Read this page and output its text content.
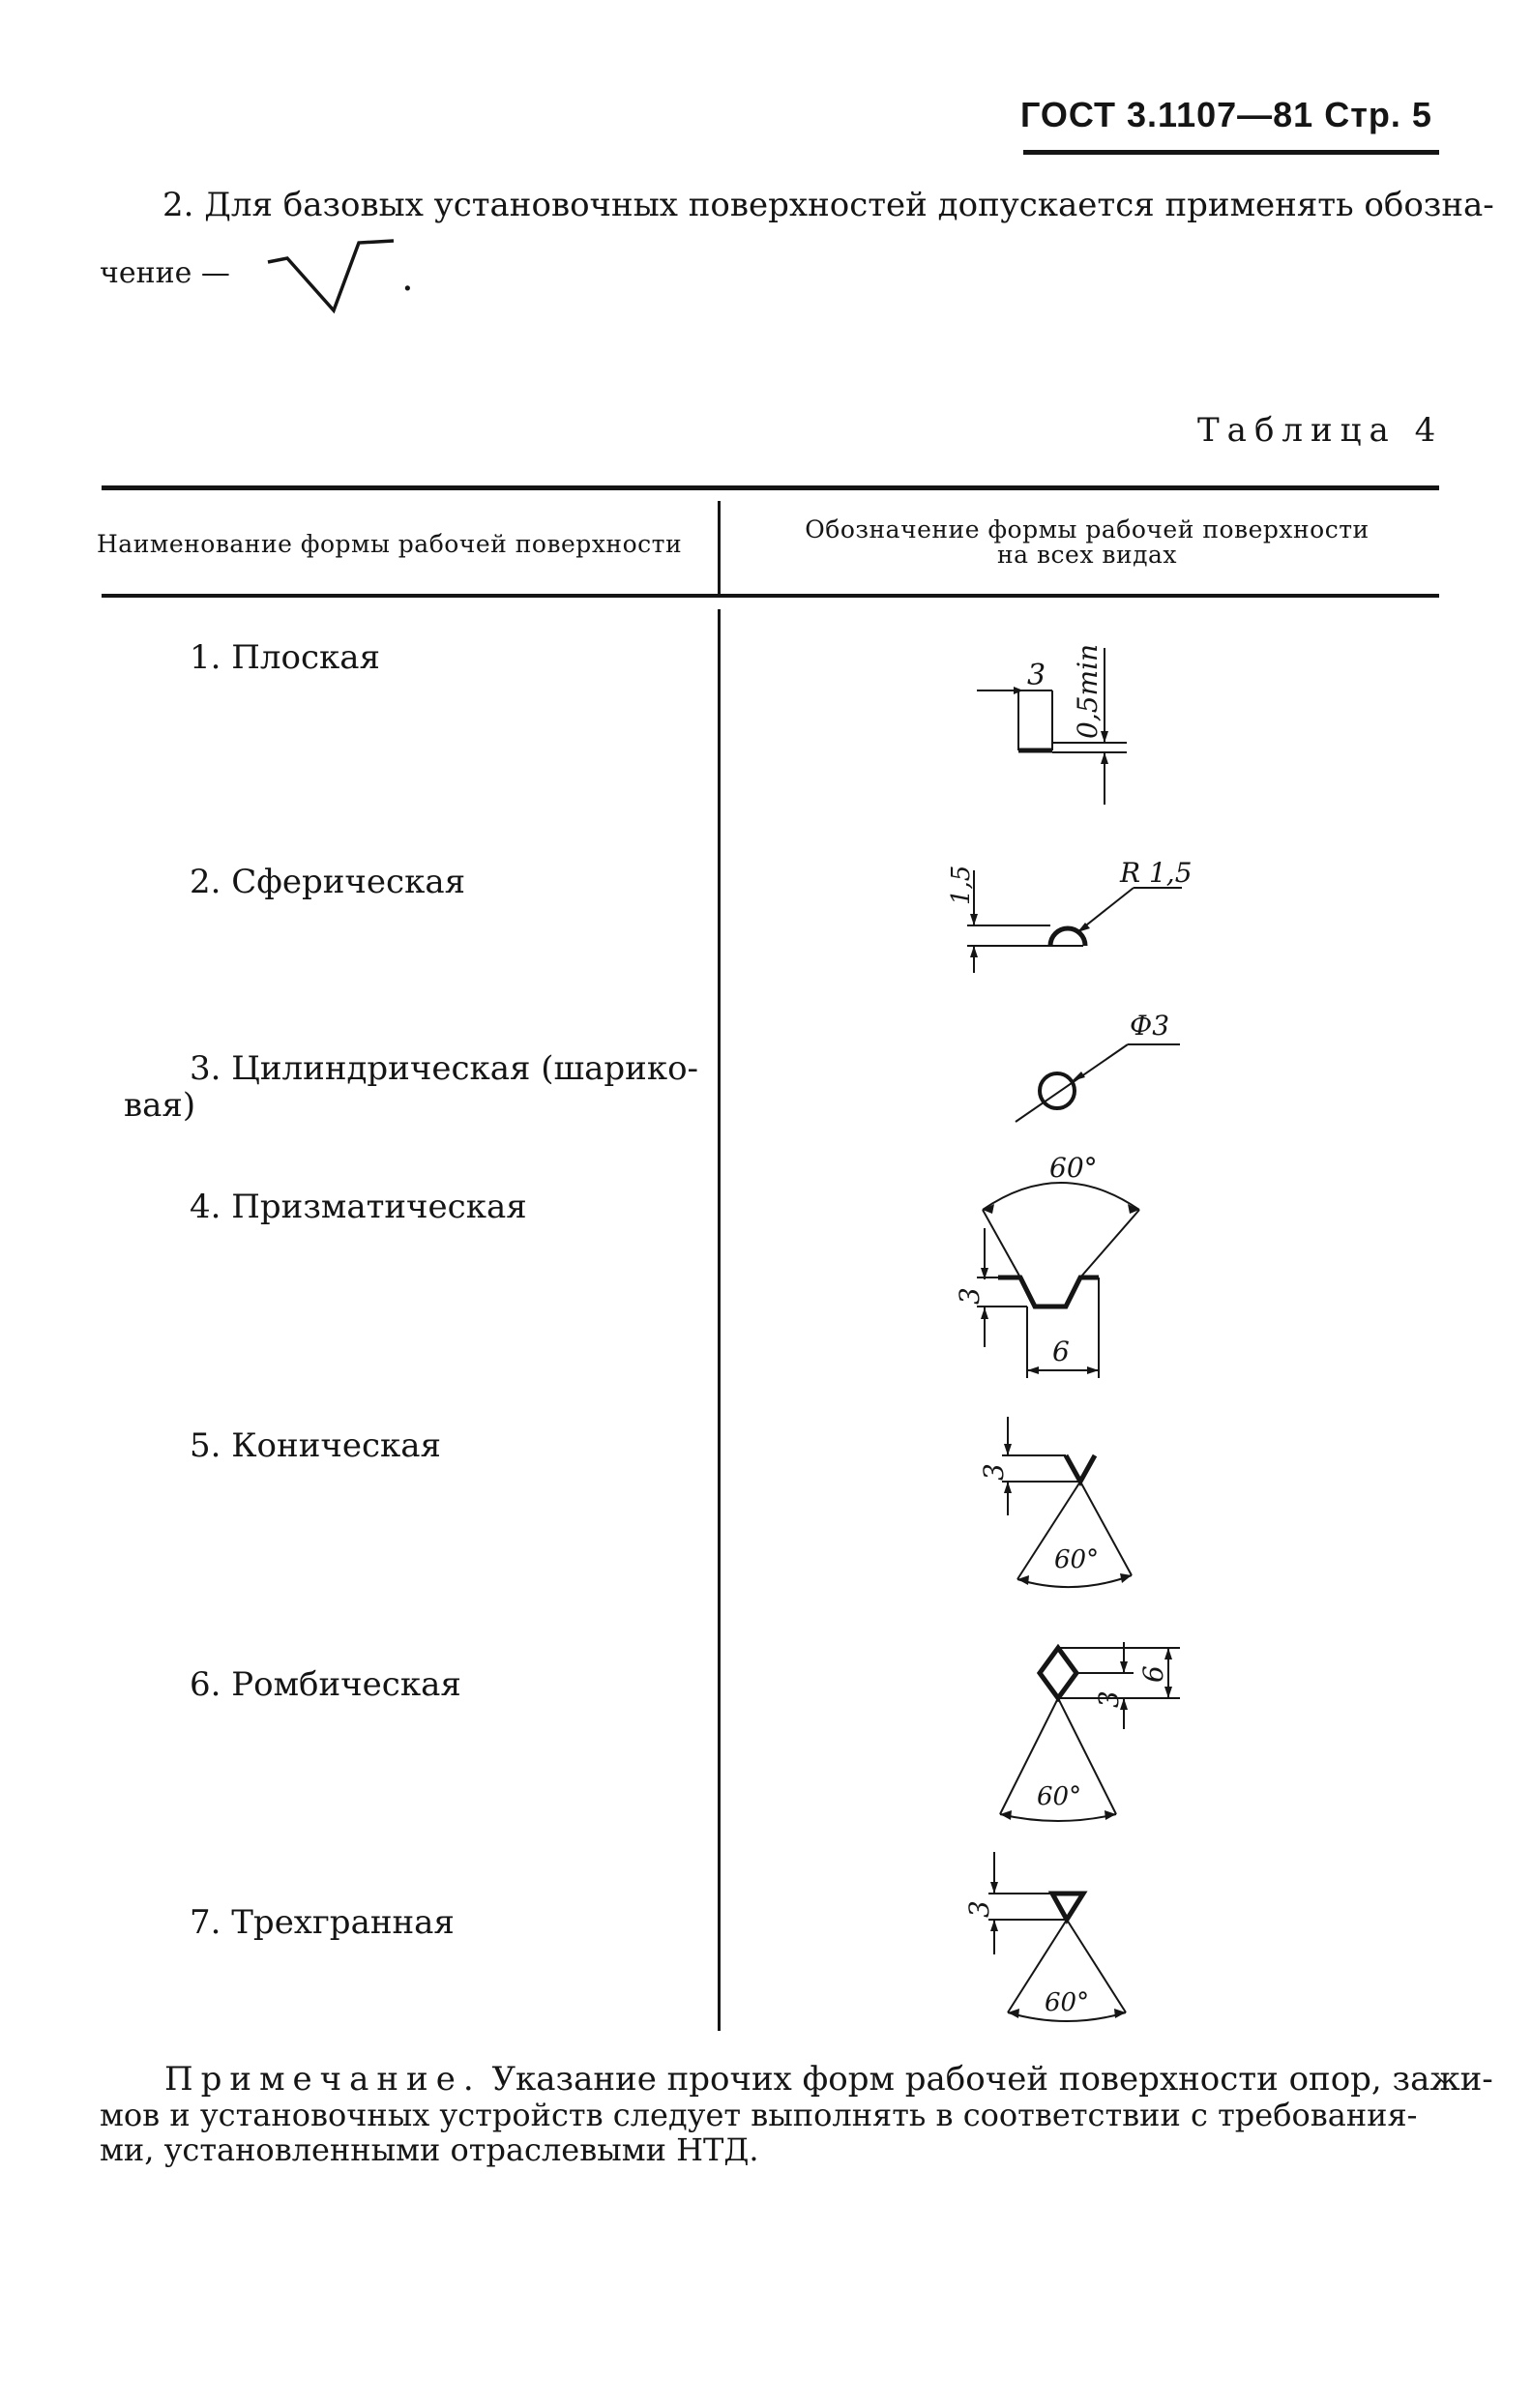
ГОСТ 3.1107—81 Стр. 5
2. Для базовых установочных поверхностей допускается применять обозна-
чение —	.
Таблица 4
Наименование формы рабочей поверхности
Обозначение формы рабочей поверхности
на всех видах
1. Плоская
2. Сферическая
3. Цилиндрическая (шарико-
вая)
4. Призматическая
5. Коническая
6. Ромбическая
7. Трехгранная
3 0,5min
R 1,5
1,5
Ф3
60°
3
6
3
60°
3
6
60°
3
60°
Примечание. Указание прочих форм рабочей поверхности опор, зажи-
мов и установочных устройств следует выполнять в соответствии с требования-
ми, установленными отраслевыми НТД.
